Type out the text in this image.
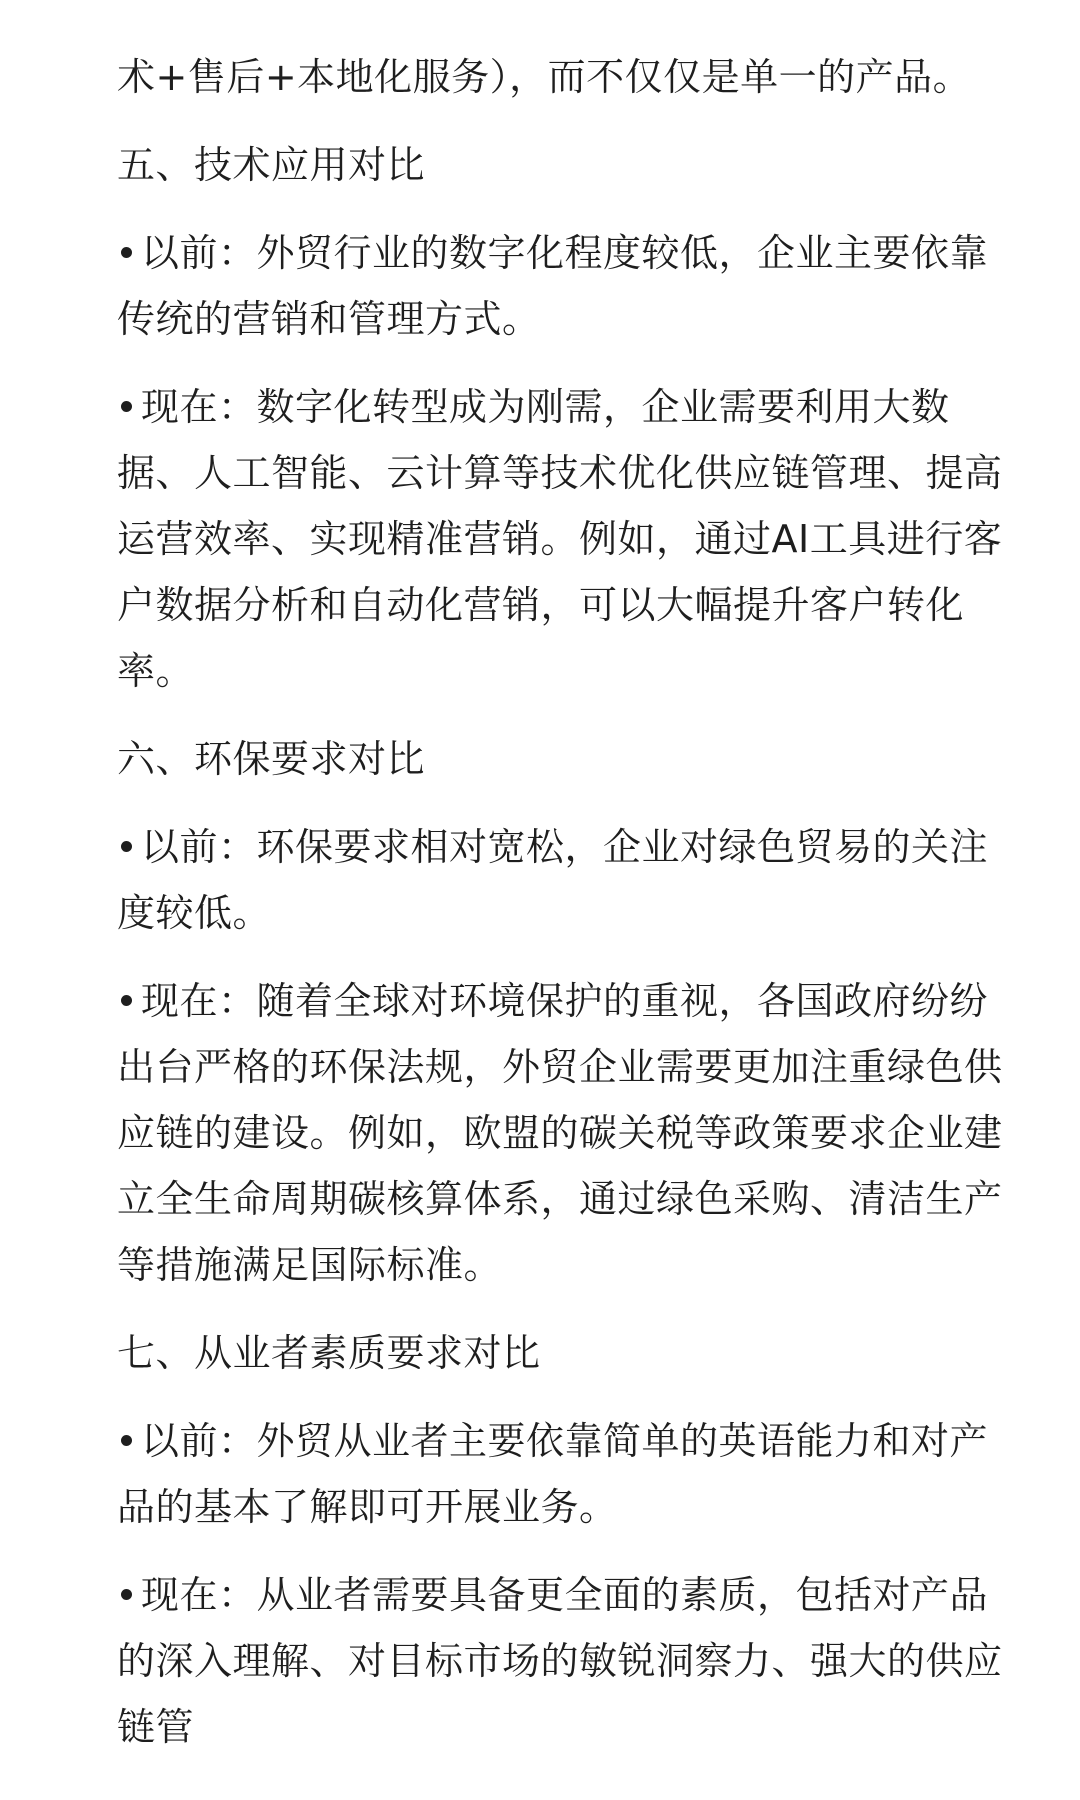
术+售后+本地化服务），而不仅仅是单一的产品。

五、技术应用对比

以前：外贸行业的数字化程度较低，企业主要依靠传统的营销和管理方式。

现在：数字化转型成为刚需，企业需要利用大数据、人工智能、云计算等技术优化供应链管理、提高运营效率、实现精准营销。例如，通过AI工具进行客户数据分析和自动化营销，可以大幅提升客户转化率。

六、环保要求对比

以前：环保要求相对宽松，企业对绿色贸易的关注度较低。

现在：随着全球对环境保护的重视，各国政府纷纷出台严格的环保法规，外贸企业需要更加注重绿色供应链的建设。例如，欧盟的碳关税等政策要求企业建立全生命周期碳核算体系，通过绿色采购、清洁生产等措施满足国际标准。

七、从业者素质要求对比

以前：外贸从业者主要依靠简单的英语能力和对产品的基本了解即可开展业务。

现在：从业者需要具备更全面的素质，包括对产品的深入理解、对目标市场的敏锐洞察力、强大的供应链管
